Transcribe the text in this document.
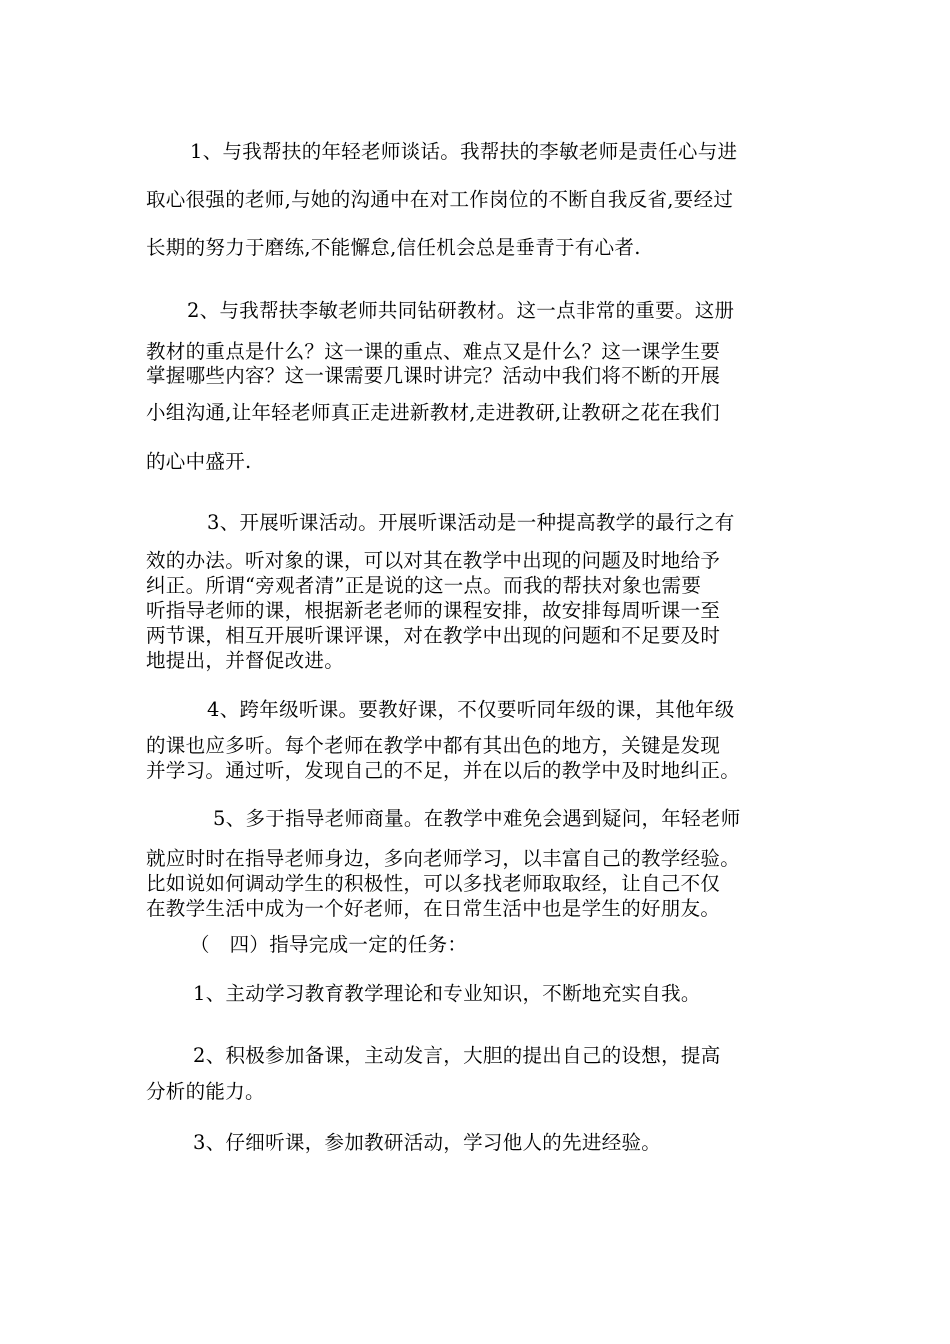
1、与我帮扶的年轻老师谈话。我帮扶的李敏老师是责任心与进
取心很强的老师,与她的沟通中在对工作岗位的不断自我反省,要经过
长期的努力于磨练,不能懈怠,信任机会总是垂青于有心者.
2、与我帮扶李敏老师共同钻研教材。这一点非常的重要。这册
教材的重点是什么？这一课的重点、难点又是什么？这一课学生要
掌握哪些内容？这一课需要几课时讲完？活动中我们将不断的开展
小组沟通,让年轻老师真正走进新教材,走进教研,让教研之花在我们
的心中盛开.
3、开展听课活动。开展听课活动是一种提高教学的最行之有
效的办法。听对象的课，可以对其在教学中出现的问题及时地给予
纠正。所谓“旁观者清”正是说的这一点。而我的帮扶对象也需要
听指导老师的课，根据新老老师的课程安排，故安排每周听课一至
两节课，相互开展听课评课，对在教学中出现的问题和不足要及时
地提出，并督促改进。
4、跨年级听课。要教好课，不仅要听同年级的课，其他年级
的课也应多听。每个老师在教学中都有其出色的地方，关键是发现
并学习。通过听，发现自己的不足，并在以后的教学中及时地纠正。
5、多于指导老师商量。在教学中难免会遇到疑问，年轻老师
就应时时在指导老师身边，多向老师学习，以丰富自己的教学经验。
比如说如何调动学生的积极性，可以多找老师取取经，让自己不仅
在教学生活中成为一个好老师，在日常生活中也是学生的好朋友。
（　四）指导完成一定的任务：
1、主动学习教育教学理论和专业知识，不断地充实自我。
2、积极参加备课，主动发言，大胆的提出自己的设想，提高
分析的能力。
3、仔细听课，参加教研活动，学习他人的先进经验。
